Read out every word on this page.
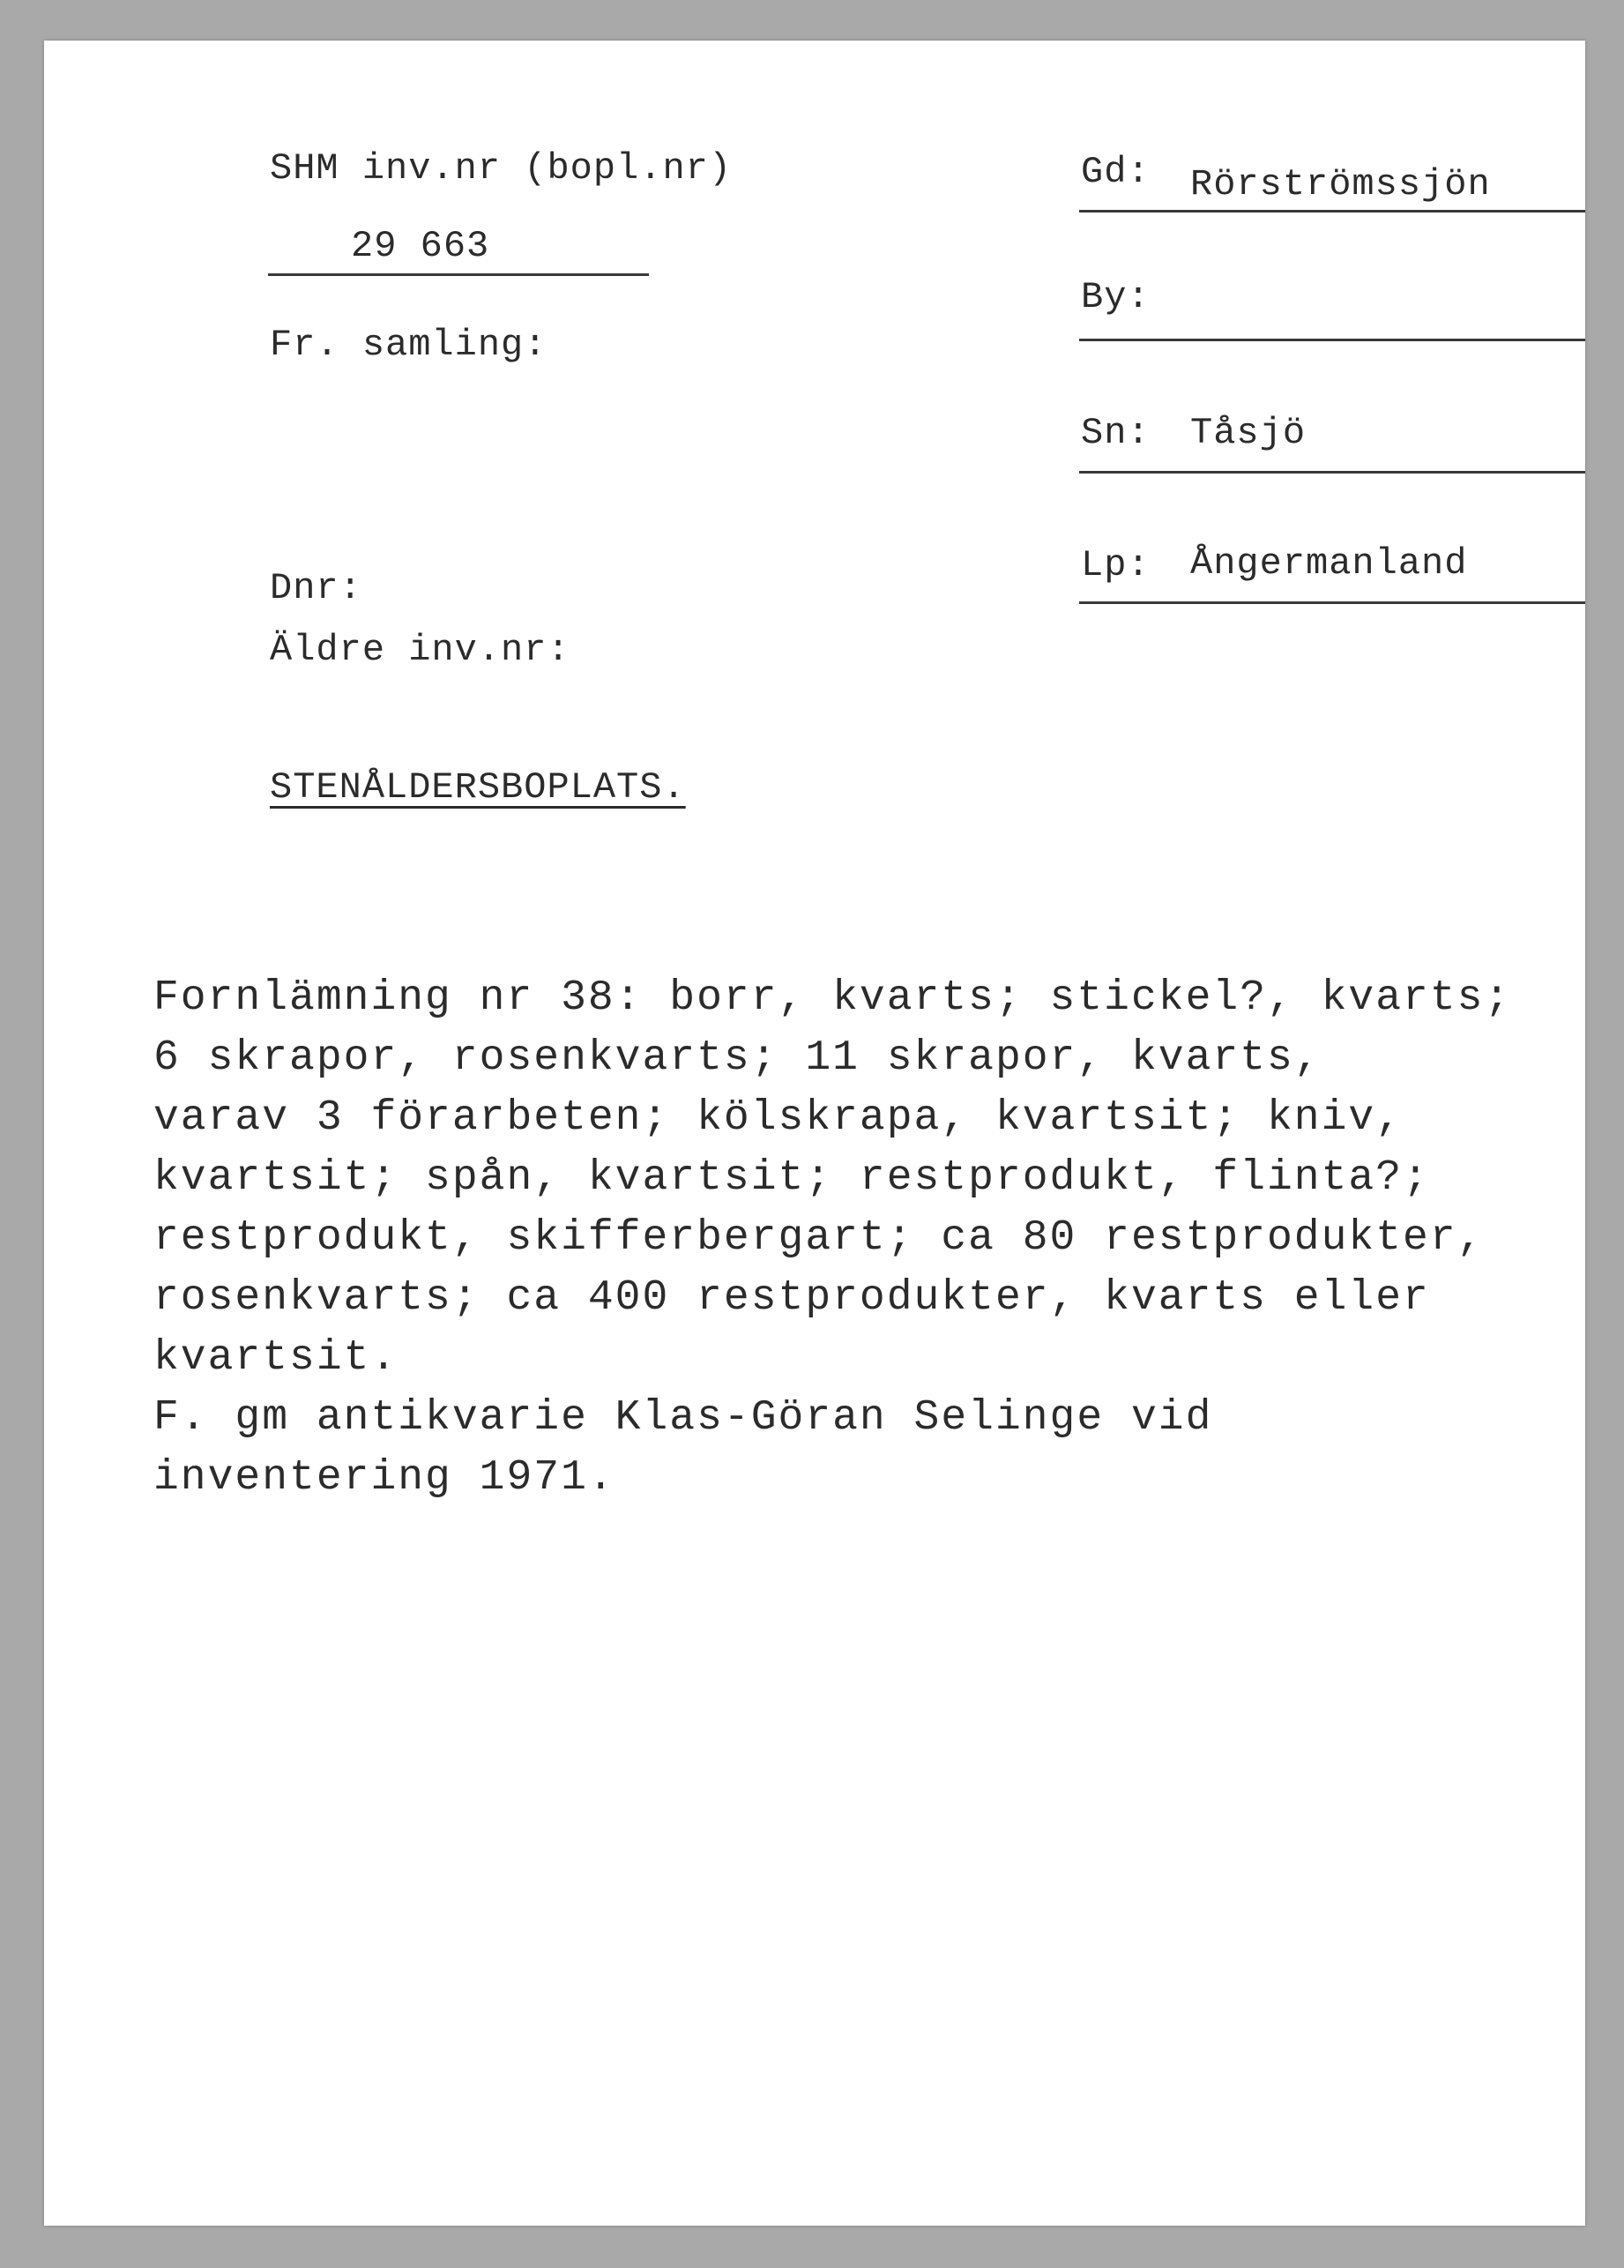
SHM inv.nr (bopl.nr)
29 663
Fr. samling:
Dnr:
Äldre inv.nr:
STENÅLDERSBOPLATS.
Gd: Rörströmssjön
By:
Sn: Tåsjö
Lp: Ångermanland
Fornlämning nr 38: borr, kvarts; stickel?, kvarts;
6 skrapor, rosenkvarts; 11 skrapor, kvarts,
varav 3 förarbeten; kölskrapa, kvartsit; kniv,
kvartsit; spån, kvartsit; restprodukt, flinta?;
restprodukt, skifferbergart; ca 80 restprodukter,
rosenkvarts; ca 400 restprodukter, kvarts eller
kvartsit.
F. gm antikvarie Klas-Göran Selinge vid
inventering 1971.
